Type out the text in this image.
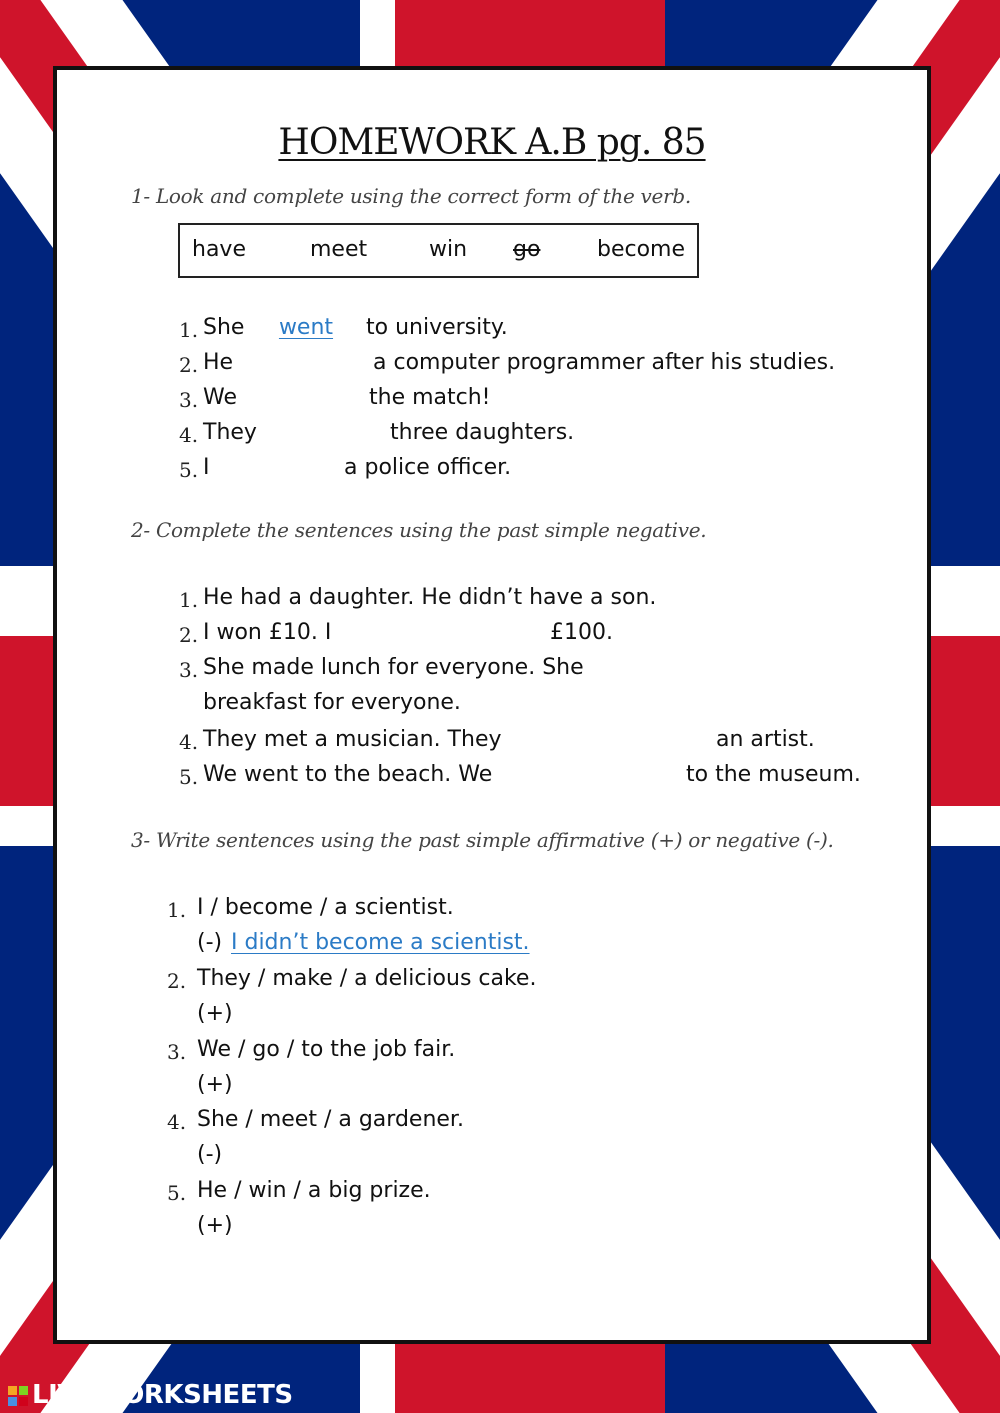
HOMEWORK A.B pg. 85
1- Look and complete using the correct form of the verb.
have	meet	win go	become
1. She	went	to university.
2. He	a computer programmer after his studies.
3. We	the match!
4. They	three daughters.
5. I	a police officer.
2- Complete the sentences using the past simple negative.
1. He had a daughter. He didn’t have a son.
2. I won £10. I	£100.
3. She made lunch for everyone. She
breakfast for everyone.
4. They met a musician. They	an artist.
5. We went to the beach. We	to the museum.
3- Write sentences using the past simple affirmative (+) or negative (-).
1. I / become / a scientist.
(-) I didn’t become a scientist.
2. They / make / a delicious cake.
(+)
3. We / go / to the job fair.
(+)
4. She / meet / a gardener.
(-)
5. He / win / a big prize.
(+)
LIVEWORKSHEETS
